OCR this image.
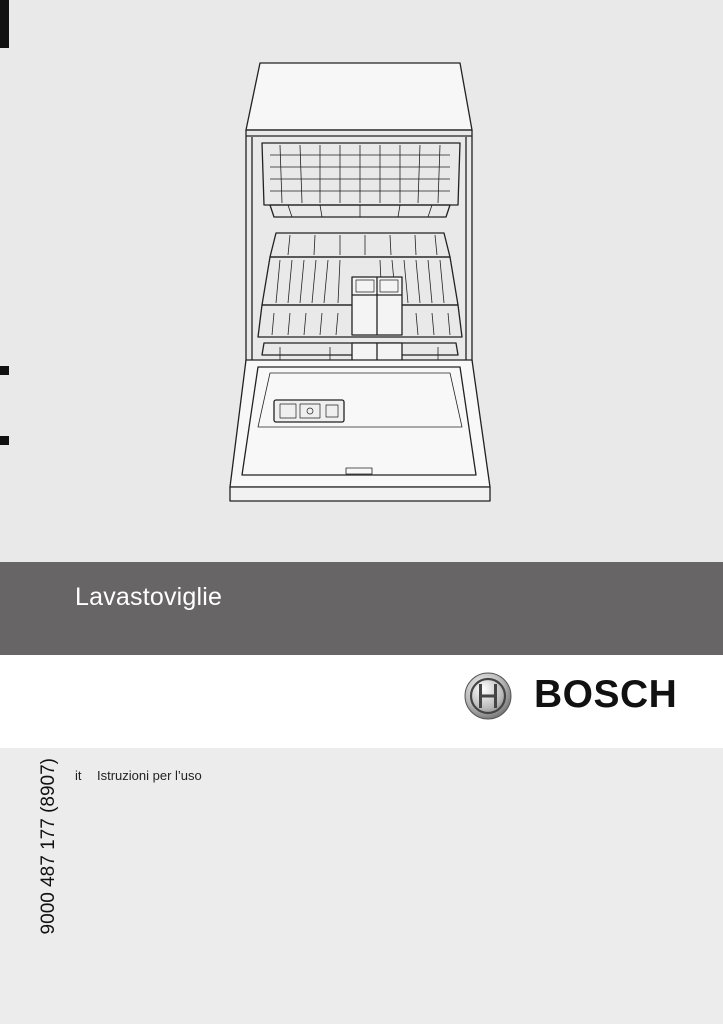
Lavastoviglie
BOSCH
it Istruzioni per l’uso
9000 487 177 (8907)
